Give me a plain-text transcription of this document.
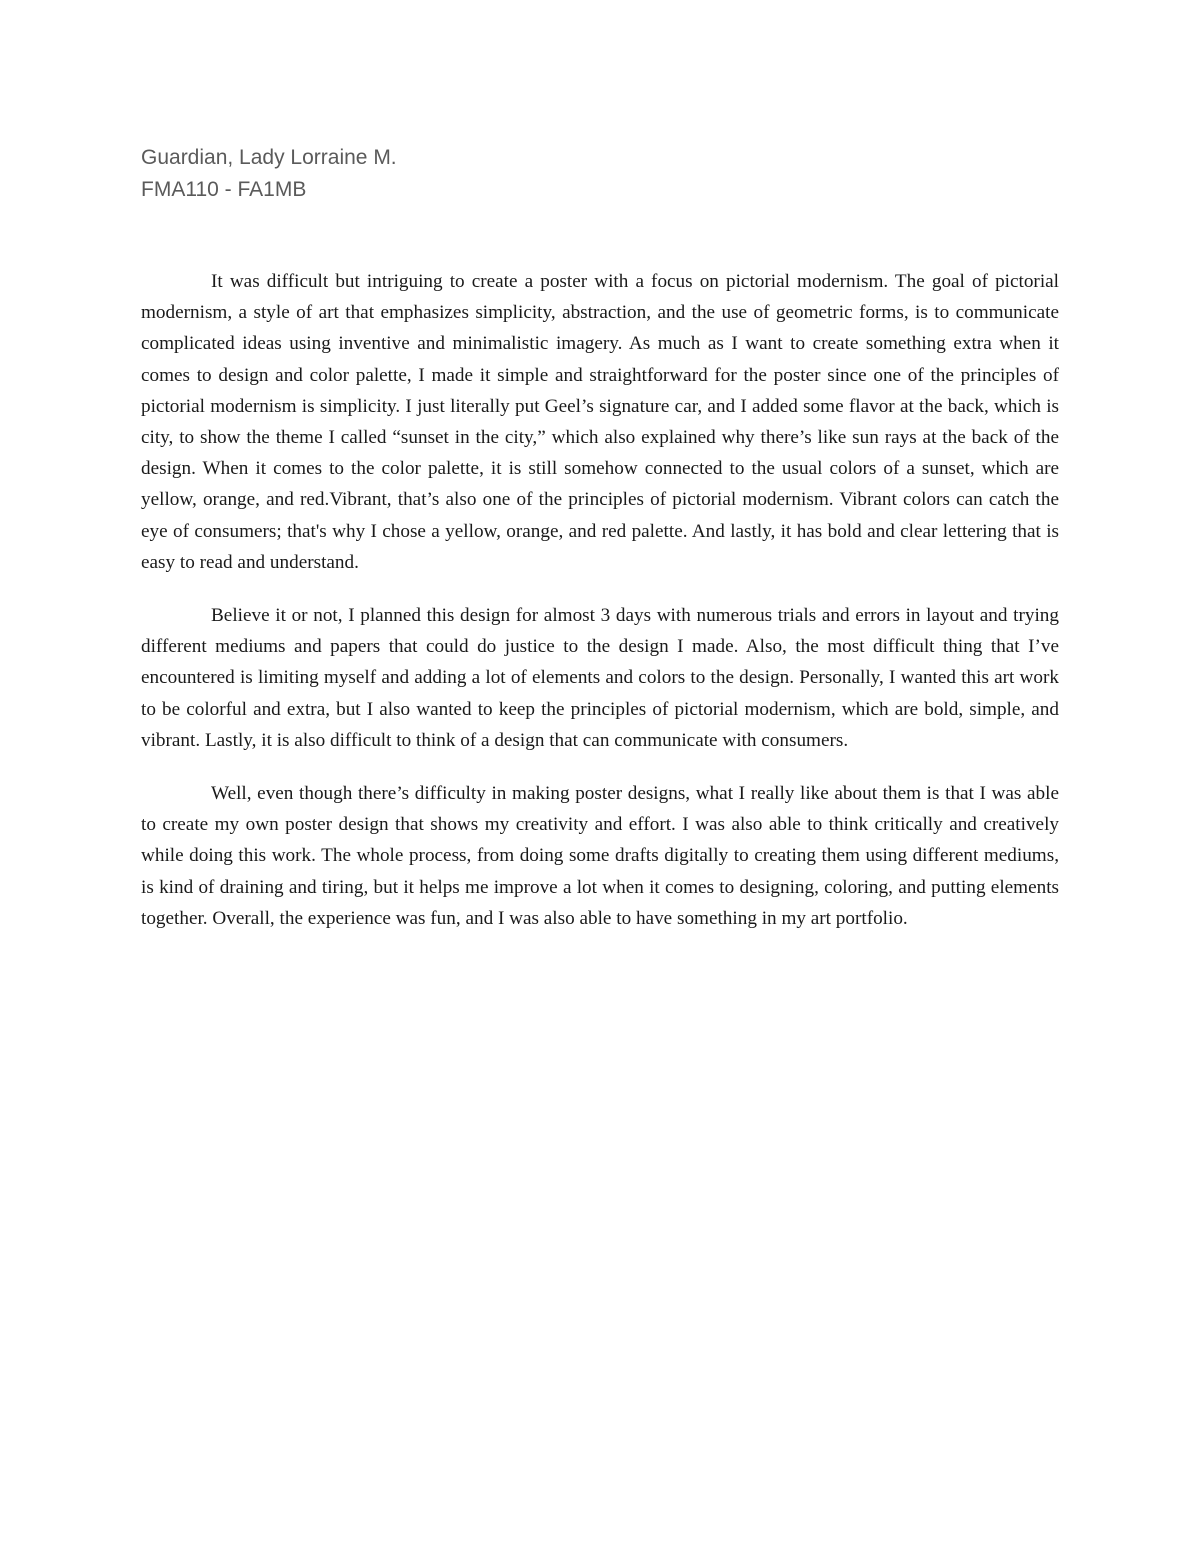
Guardian, Lady Lorraine M.
FMA110 - FA1MB

It was difficult but intriguing to create a poster with a focus on pictorial modernism. The goal of pictorial modernism, a style of art that emphasizes simplicity, abstraction, and the use of geometric forms, is to communicate complicated ideas using inventive and minimalistic imagery. As much as I want to create something extra when it comes to design and color palette, I made it simple and straightforward for the poster since one of the principles of pictorial modernism is simplicity. I just literally put Geel’s signature car, and I added some flavor at the back, which is city, to show the theme I called “sunset in the city,” which also explained why there’s like sun rays at the back of the design. When it comes to the color palette, it is still somehow connected to the usual colors of a sunset, which are yellow, orange, and red.Vibrant, that’s also one of the principles of pictorial modernism. Vibrant colors can catch the eye of consumers; that's why I chose a yellow, orange, and red palette. And lastly, it has bold and clear lettering that is easy to read and understand.

Believe it or not, I planned this design for almost 3 days with numerous trials and errors in layout and trying different mediums and papers that could do justice to the design I made. Also, the most difficult thing that I’ve encountered is limiting myself and adding a lot of elements and colors to the design. Personally, I wanted this art work to be colorful and extra, but I also wanted to keep the principles of pictorial modernism, which are bold, simple, and vibrant. Lastly, it is also difficult to think of a design that can communicate with consumers.

Well, even though there’s difficulty in making poster designs, what I really like about them is that I was able to create my own poster design that shows my creativity and effort. I was also able to think critically and creatively while doing this work. The whole process, from doing some drafts digitally to creating them using different mediums, is kind of draining and tiring, but it helps me improve a lot when it comes to designing, coloring, and putting elements together. Overall, the experience was fun, and I was also able to have something in my art portfolio.
